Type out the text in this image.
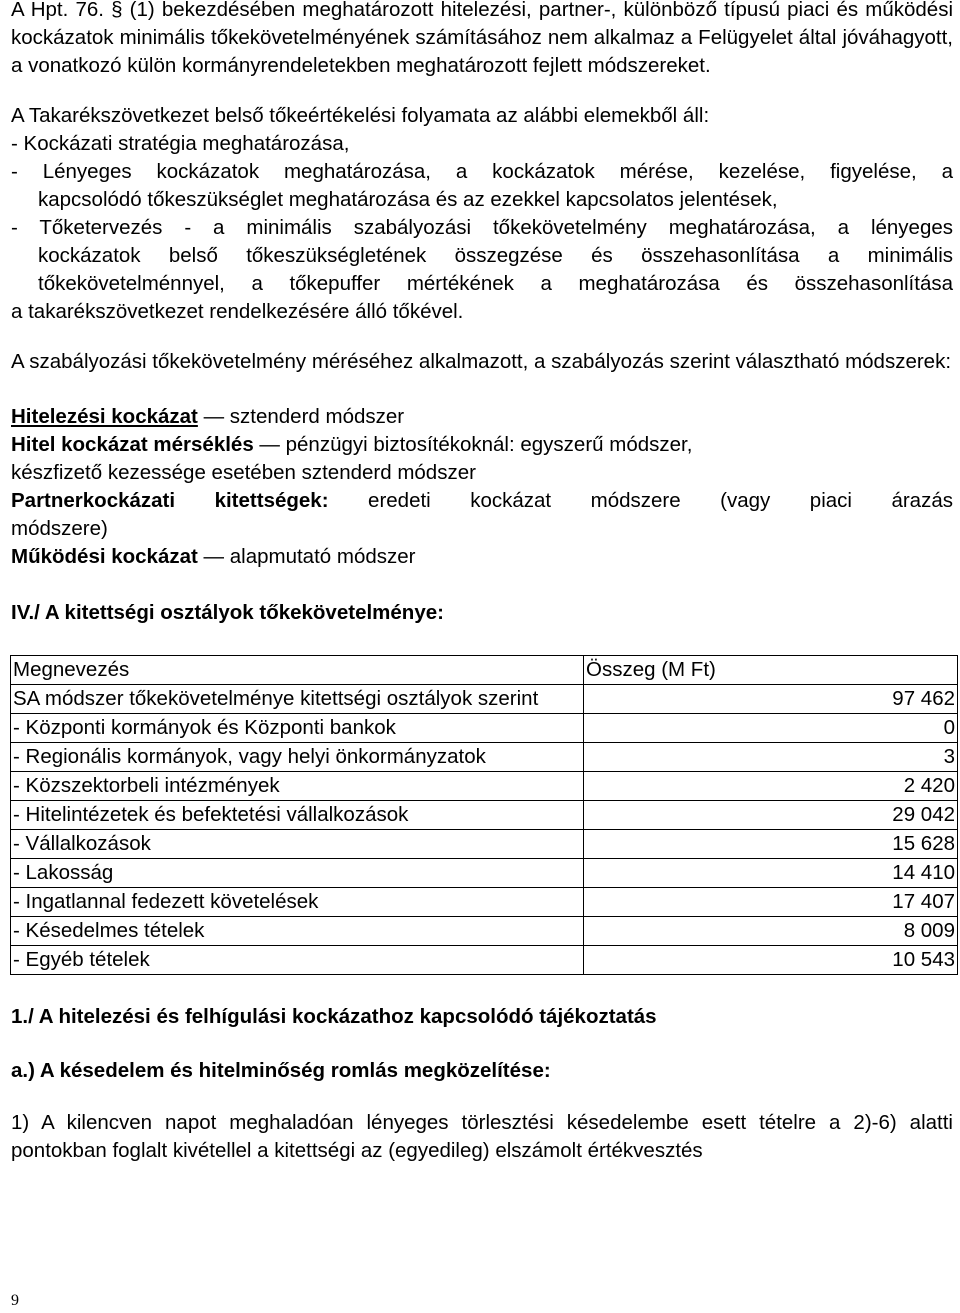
A Hpt. 76. § (1) bekezdésében meghatározott hitelezési, partner-, különböző típusú piaci és működési kockázatok minimális tőkekövetelményének számításához nem alkalmaz a Felügyelet által jóváhagyott, a vonatkozó külön kormányrendeletekben meghatározott fejlett módszereket.

A Takarékszövetkezet belső tőkeértékelési folyamata az alábbi elemekből áll:

- Kockázati stratégia meghatározása,

- Lényeges kockázatok meghatározása, a kockázatok mérése, kezelése, figyelése, a

kapcsolódó tőkeszükséglet meghatározása és az ezekkel kapcsolatos jelentések,

- Tőketervezés - a minimális szabályozási tőkekövetelmény meghatározása, a lényeges

kockázatok belső tőkeszükségletének összegzése és összehasonlítása a minimális

tőkekövetelménnyel, a tőkepuffer mértékének a meghatározása és összehasonlítása

a takarékszövetkezet rendelkezésére álló tőkével.

A szabályozási tőkekövetelmény méréséhez alkalmazott, a szabályozás szerint választható módszerek:

Hitelezési kockázat — sztenderd módszer

Hitel kockázat mérséklés — pénzügyi biztosítékoknál: egyszerű módszer,

készfizető kezessége esetében sztenderd módszer

Partnerkockázati kitettségek: eredeti kockázat módszere (vagy piaci árazás

módszere)

Működési kockázat — alapmutató módszer

IV./ A kitettségi osztályok tőkekövetelménye:
Megnevezés	Összeg (M Ft)
SA módszer tőkekövetelménye kitettségi osztályok szerint	97 462
- Központi kormányok és Központi bankok	0
- Regionális kormányok, vagy helyi önkormányzatok	3
- Közszektorbeli intézmények	2 420
- Hitelintézetek és befektetési vállalkozások	29 042
- Vállalkozások	15 628
- Lakosság	14 410
- Ingatlannal fedezett követelések	17 407
- Késedelmes tételek	8 009
- Egyéb tételek	10 543

1./ A hitelezési és felhígulási kockázathoz kapcsolódó tájékoztatás

a.) A késedelem és hitelminőség romlás megközelítése:

1) A kilencven napot meghaladóan lényeges törlesztési késedelembe esett tételre a 2)-6) alatti pontokban foglalt kivétellel a kitettségi az (egyedileg) elszámolt értékvesztés

9
